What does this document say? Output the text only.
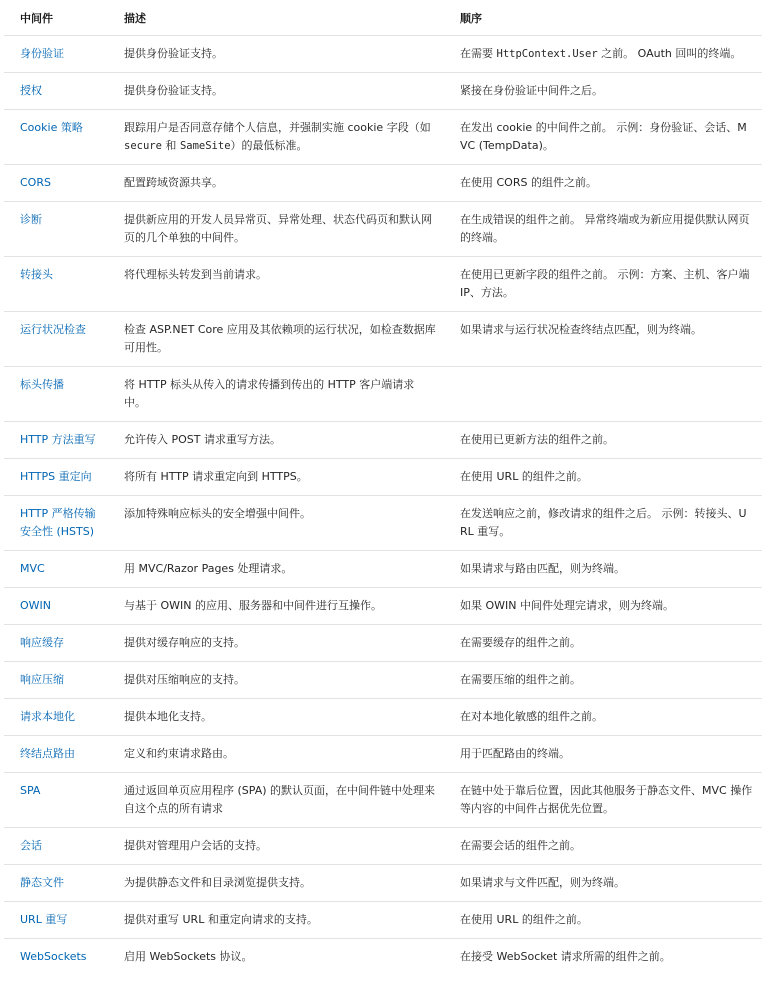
中间件	描述	顺序
身份验证	提供身份验证支持。	在需要 HttpContext.User 之前。 OAuth 回叫的终端。
授权	提供身份验证支持。	紧接在身份验证中间件之后。
Cookie 策略	跟踪用户是否同意存储个人信息，并强制实施 cookie 字段（如 secure 和 SameSite）的最低标准。	在发出 cookie 的中间件之前。 示例：身份验证、会话、MVC (TempData)。
CORS	配置跨域资源共享。	在使用 CORS 的组件之前。
诊断	提供新应用的开发人员异常页、异常处理、状态代码页和默认网页的几个单独的中间件。	在生成错误的组件之前。 异常终端或为新应用提供默认网页的终端。
转接头	将代理标头转发到当前请求。	在使用已更新字段的组件之前。 示例：方案、主机、客户端 IP、方法。
运行状况检查	检查 ASP.NET Core 应用及其依赖项的运行状况，如检查数据库可用性。	如果请求与运行状况检查终结点匹配，则为终端。
标头传播	将 HTTP 标头从传入的请求传播到传出的 HTTP 客户端请求中。	
HTTP 方法重写	允许传入 POST 请求重写方法。	在使用已更新方法的组件之前。
HTTPS 重定向	将所有 HTTP 请求重定向到 HTTPS。	在使用 URL 的组件之前。
HTTP 严格传输安全性 (HSTS)	添加特殊响应标头的安全增强中间件。	在发送响应之前，修改请求的组件之后。 示例：转接头、URL 重写。
MVC	用 MVC/Razor Pages 处理请求。	如果请求与路由匹配，则为终端。
OWIN	与基于 OWIN 的应用、服务器和中间件进行互操作。	如果 OWIN 中间件处理完请求，则为终端。
响应缓存	提供对缓存响应的支持。	在需要缓存的组件之前。
响应压缩	提供对压缩响应的支持。	在需要压缩的组件之前。
请求本地化	提供本地化支持。	在对本地化敏感的组件之前。
终结点路由	定义和约束请求路由。	用于匹配路由的终端。
SPA	通过返回单页应用程序 (SPA) 的默认页面，在中间件链中处理来自这个点的所有请求	在链中处于靠后位置，因此其他服务于静态文件、MVC 操作等内容的中间件占据优先位置。
会话	提供对管理用户会话的支持。	在需要会话的组件之前。
静态文件	为提供静态文件和目录浏览提供支持。	如果请求与文件匹配，则为终端。
URL 重写	提供对重写 URL 和重定向请求的支持。	在使用 URL 的组件之前。
WebSockets	启用 WebSockets 协议。	在接受 WebSocket 请求所需的组件之前。
